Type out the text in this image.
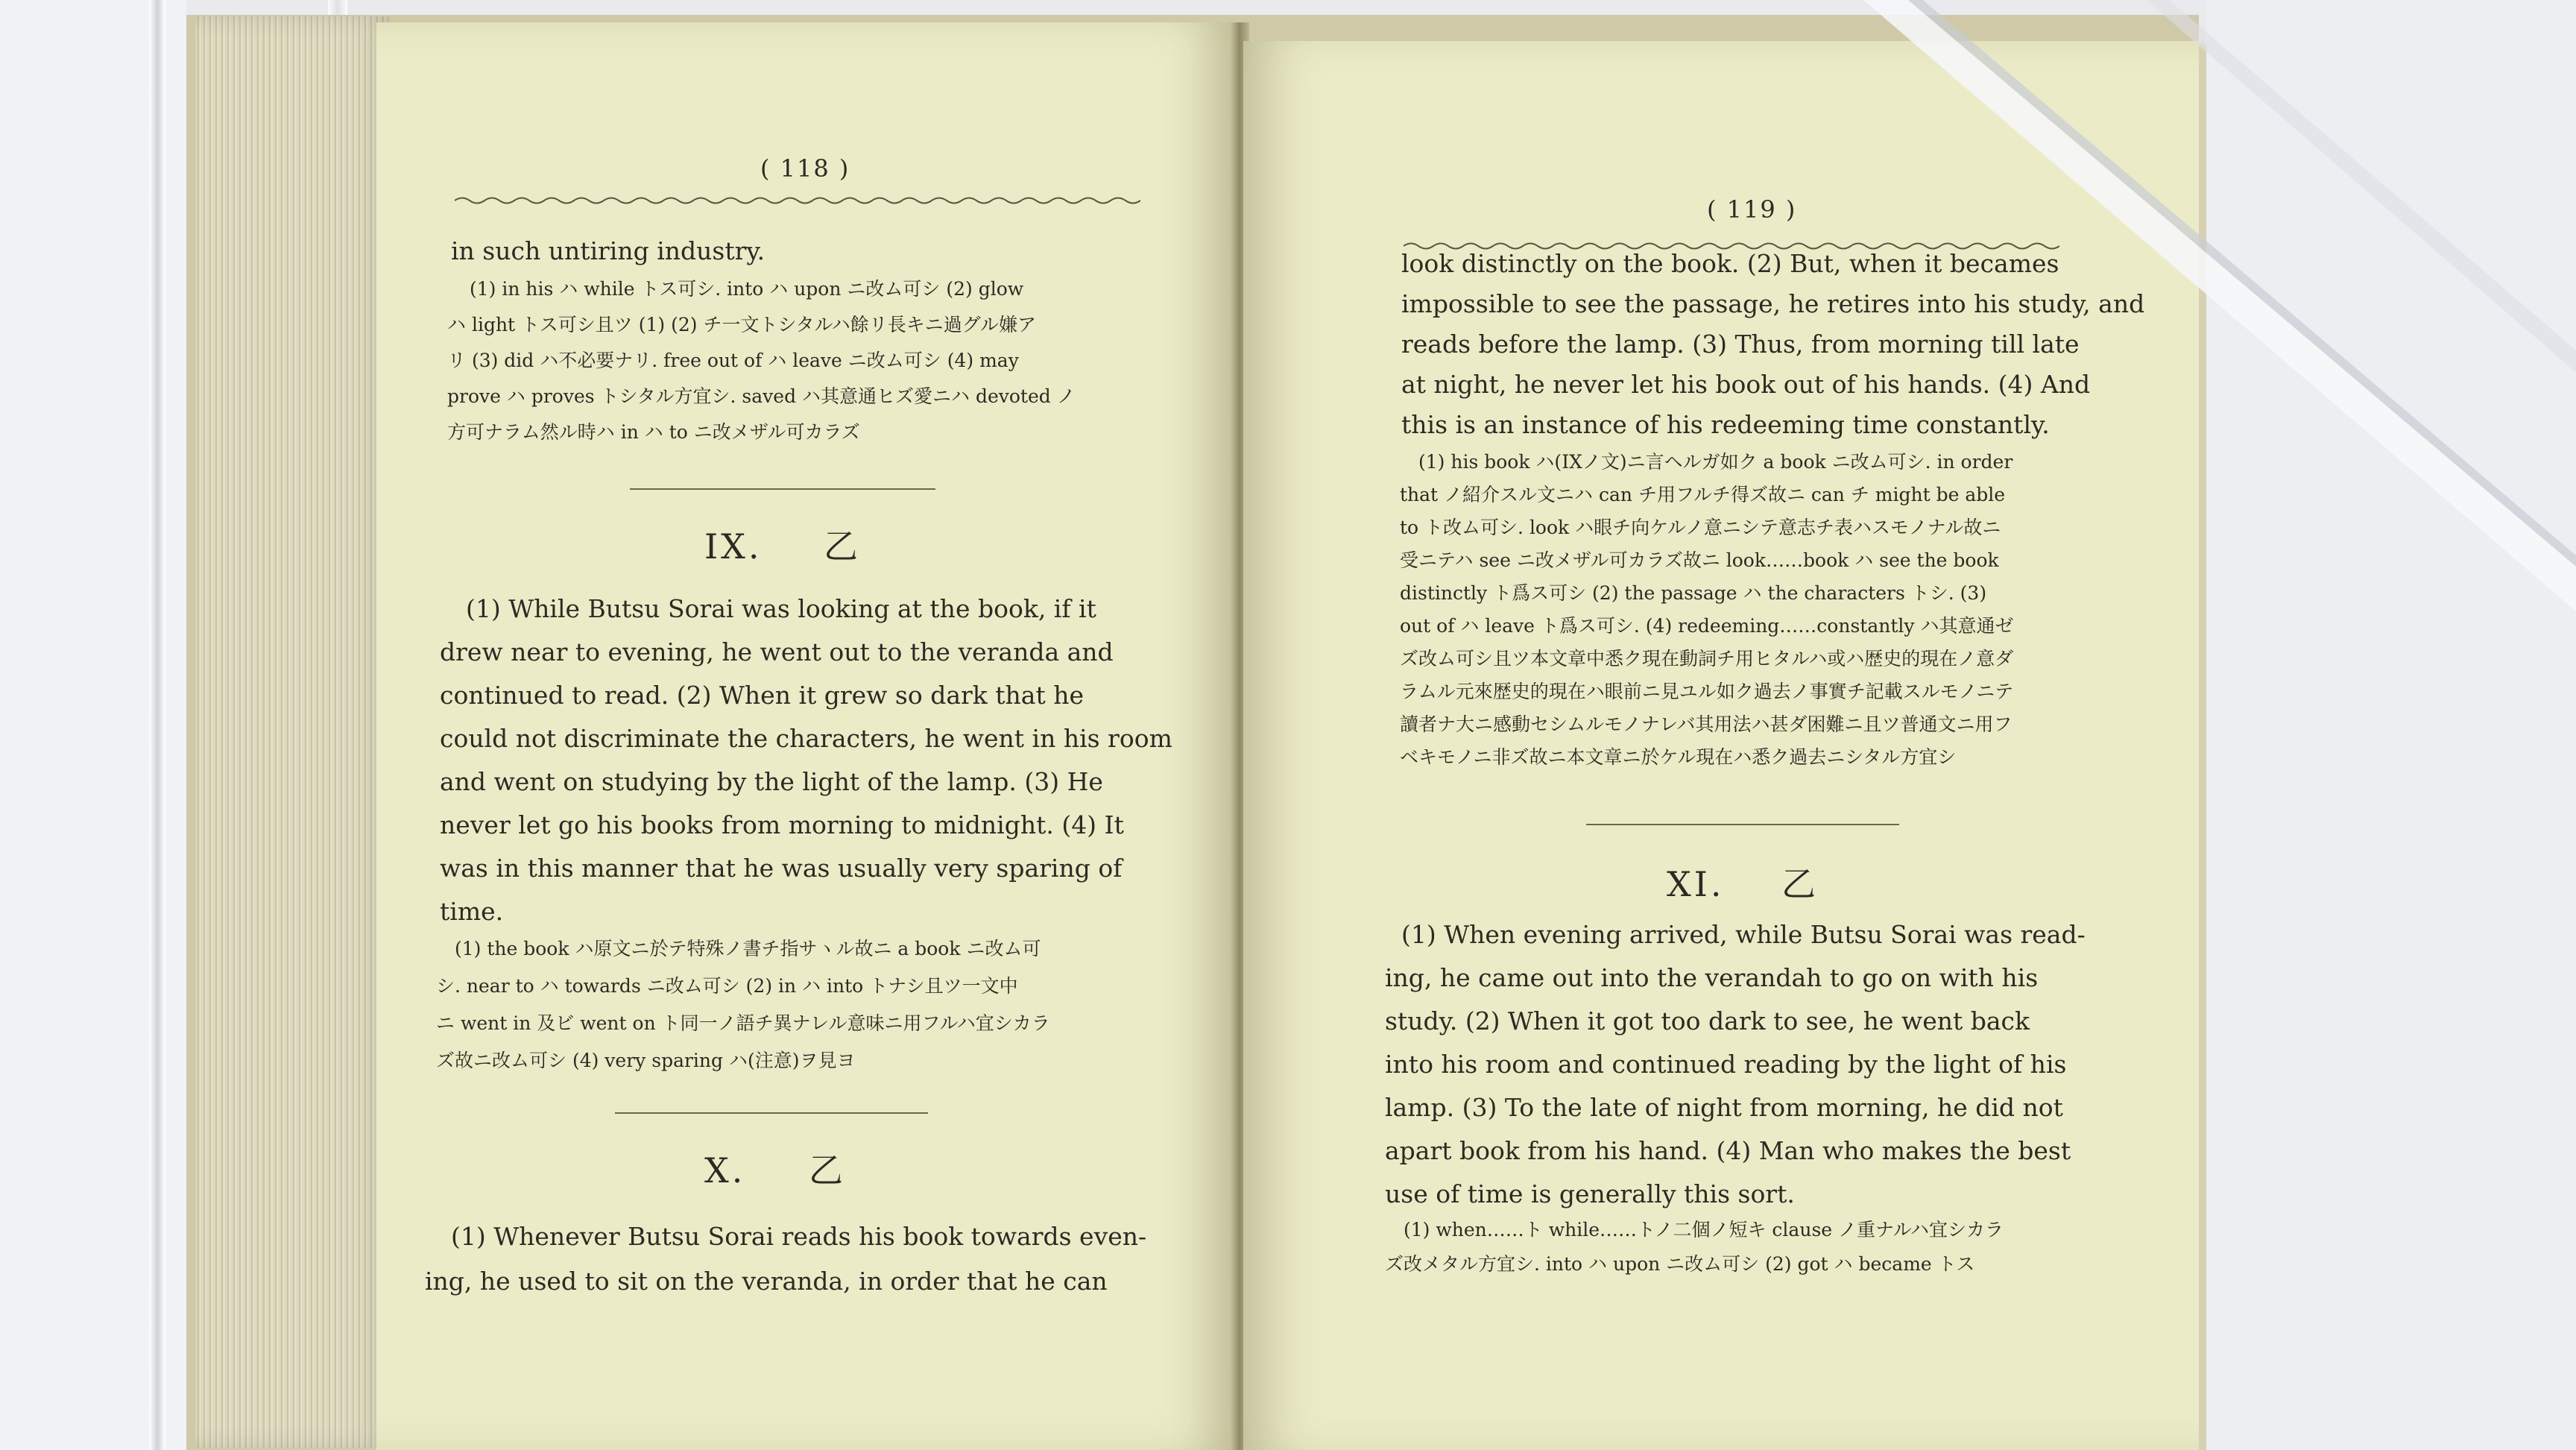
( 118 )
in such untiring industry.
(1) in his ハ while トス可シ. into ハ upon ニ改ム可シ (2) glow
ハ light トス可シ且ツ (1) (2) チ一文トシタルハ餘リ長キニ過グル嫌ア
リ (3) did ハ不必要ナリ. free out of ハ leave ニ改ム可シ (4) may
prove ハ proves トシタル方宜シ. saved ハ其意通ヒズ愛ニハ devoted ノ
方可ナラム然ル時ハ in ハ to ニ改メザル可カラズ
IX. 乙
(1) While Butsu Sorai was looking at the book, if it
drew near to evening, he went out to the veranda and
continued to read. (2) When it grew so dark that he
could not discriminate the characters, he went in his room
and went on studying by the light of the lamp. (3) He
never let go his books from morning to midnight. (4) It
was in this manner that he was usually very sparing of
time.
(1) the book ハ原文ニ於テ特殊ノ書チ指サヽル故ニ a book ニ改ム可
シ. near to ハ towards ニ改ム可シ (2) in ハ into トナシ且ツ一文中
ニ went in 及ビ went on ト同一ノ語チ異ナレル意味ニ用フルハ宜シカラ
ズ故ニ改ム可シ (4) very sparing ハ(注意)ヲ見ヨ
X. 乙
(1) Whenever Butsu Sorai reads his book towards even-
ing, he used to sit on the veranda, in order that he can
( 119 )
look distinctly on the book. (2) But, when it becames
impossible to see the passage, he retires into his study, and
reads before the lamp. (3) Thus, from morning till late
at night, he never let his book out of his hands. (4) And
this is an instance of his redeeming time constantly.
(1) his book ハ(IXノ文)ニ言ヘルガ如ク a book ニ改ム可シ. in order
that ノ紹介スル文ニハ can チ用フルチ得ズ故ニ can チ might be able
to ト改ム可シ. look ハ眼チ向ケルノ意ニシテ意志チ表ハスモノナル故ニ
受ニテハ see ニ改メザル可カラズ故ニ look……book ハ see the book
distinctly ト爲ス可シ (2) the passage ハ the characters トシ. (3)
out of ハ leave ト爲ス可シ. (4) redeeming……constantly ハ其意通ゼ
ズ改ム可シ且ツ本文章中悉ク現在動詞チ用ヒタルハ或ハ歴史的現在ノ意ダ
ラムル元來歴史的現在ハ眼前ニ見ユル如ク過去ノ事實チ記載スルモノニテ
讀者ナ大ニ感動セシムルモノナレバ其用法ハ甚ダ困難ニ且ツ普通文ニ用フ
ベキモノニ非ズ故ニ本文章ニ於ケル現在ハ悉ク過去ニシタル方宜シ
XI. 乙
(1) When evening arrived, while Butsu Sorai was read-
ing, he came out into the verandah to go on with his
study. (2) When it got too dark to see, he went back
into his room and continued reading by the light of his
lamp. (3) To the late of night from morning, he did not
apart book from his hand. (4) Man who makes the best
use of time is generally this sort.
(1) when……ト while……トノ二個ノ短キ clause ノ重ナルハ宜シカラ
ズ改メタル方宜シ. into ハ upon ニ改ム可シ (2) got ハ became トス
